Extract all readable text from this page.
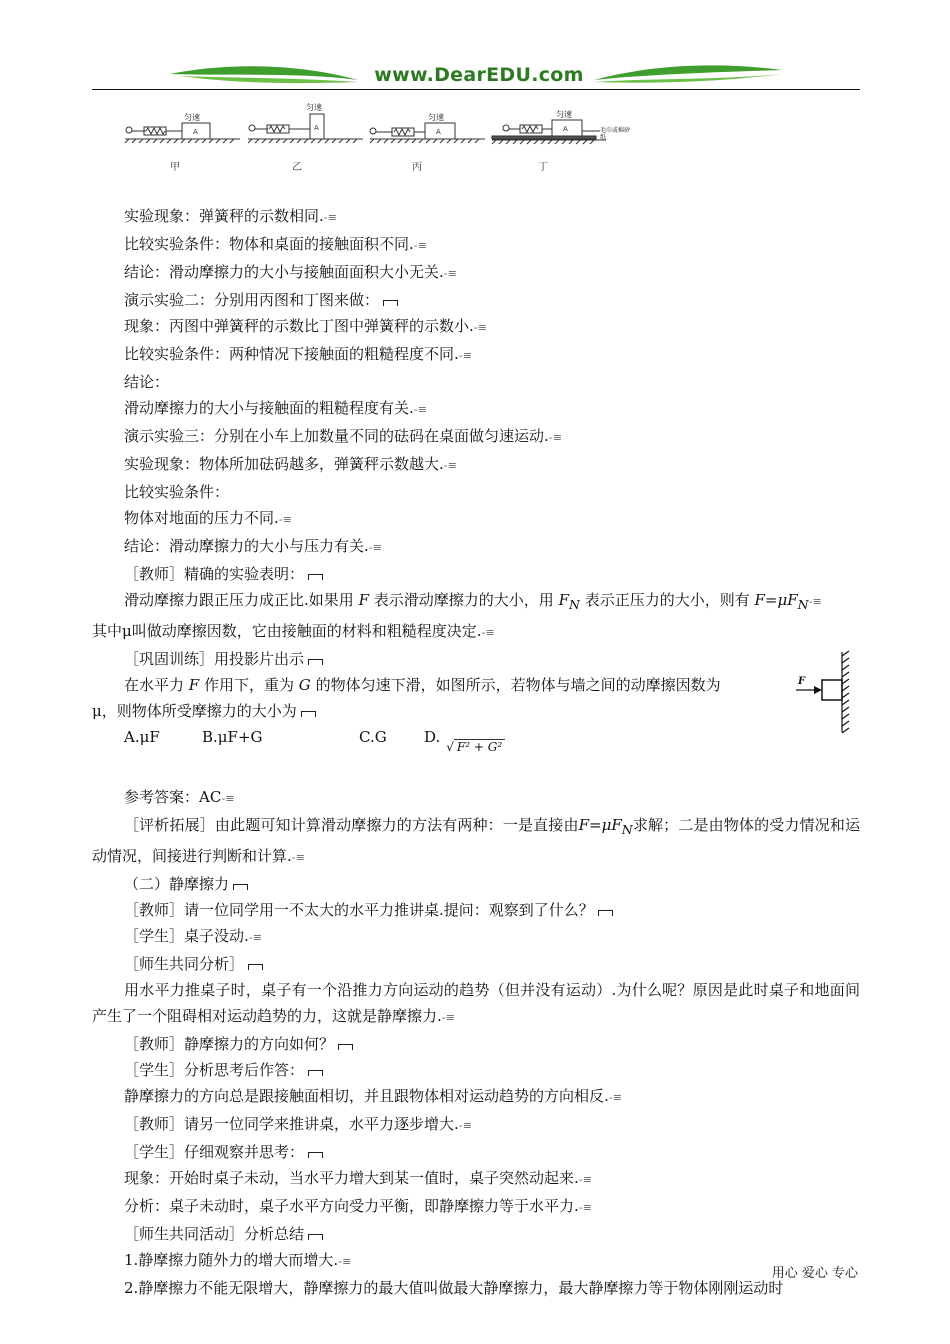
www.DearEDU.com
A	A	A	A
匀速
匀速
匀速	匀速
毛巾或棉砂纸
甲	乙	丙	丁

实验现象：弹簧秤的示数相同.-≡

比较实验条件：物体和桌面的接触面积不同.-≡

结论：滑动摩擦力的大小与接触面面积大小无关.-≡

演示实验二：分别用丙图和丁图来做：

现象：丙图中弹簧秤的示数比丁图中弹簧秤的示数小.-≡

比较实验条件：两种情况下接触面的粗糙程度不同.-≡

结论：

滑动摩擦力的大小与接触面的粗糙程度有关.-≡

演示实验三：分别在小车上加数量不同的砝码在桌面做匀速运动.-≡

实验现象：物体所加砝码越多，弹簧秤示数越大.-≡

比较实验条件：

物体对地面的压力不同.-≡

结论：滑动摩擦力的大小与压力有关.-≡

［教师］精确的实验表明：

滑动摩擦力跟正压力成正比.如果用 F 表示滑动摩擦力的大小，用 $F_N$ 表示正压力的大小，则有 $F=\mu F_N-\equiv$

其中μ叫做动摩擦因数，它由接触面的材料和粗糙程度决定.-≡

［巩固训练］用投影片出示

在水平力 F 作用下，重为 G 的物体匀速下滑，如图所示，若物体与墙之间的动摩擦因数为

μ，则物体所受摩擦力的大小为

A.μF	B.μF+G	C.G	D.
√ F² + G²

参考答案：AC-≡

［评析拓展］由此题可知计算滑动摩擦力的方法有两种：一是直接由$F=\mu F_N$求解；二是由物体的受力情况和运动情况，间接进行判断和计算.-≡

（二）静摩擦力

［教师］请一位同学用一不太大的水平力推讲桌.提问：观察到了什么？

［学生］桌子没动.-≡

［师生共同分析］

用水平力推桌子时，桌子有一个沿推力方向运动的趋势（但并没有运动）.为什么呢？原因是此时桌子和地面间产生了一个阻碍相对运动趋势的力，这就是静摩擦力.-≡

［教师］静摩擦力的方向如何？

［学生］分析思考后作答：

静摩擦力的方向总是跟接触面相切，并且跟物体相对运动趋势的方向相反.-≡

［教师］请另一位同学来推讲桌，水平力逐步增大.-≡

［学生］仔细观察并思考：

现象：开始时桌子未动，当水平力增大到某一值时，桌子突然动起来.-≡

分析：桌子未动时，桌子水平方向受力平衡，即静摩擦力等于水平力.-≡

［师生共同活动］分析总结

1.静摩擦力随外力的增大而增大.-≡

2.静摩擦力不能无限增大，静摩擦力的最大值叫做最大静摩擦力，最大静摩擦力等于物体刚刚运动时

F
用心 爱心 专心
